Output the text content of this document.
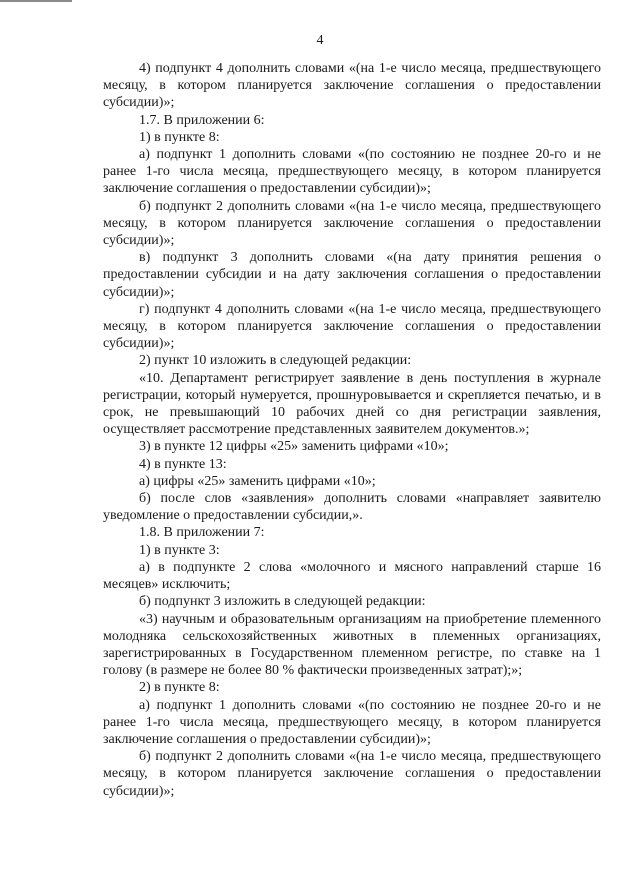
4

4) подпункт 4 дополнить словами «(на 1-е число месяца, предшествующего месяцу, в котором планируется заключение соглашения о предоставлении субсидии)»;

1.7. В приложении 6:

1) в пункте 8:

а) подпункт 1 дополнить словами «(по состоянию не позднее 20-го и не ранее 1-го числа месяца, предшествующего месяцу, в котором планируется заключение соглашения о предоставлении субсидии)»;

б) подпункт 2 дополнить словами «(на 1-е число месяца, предшествующего месяцу, в котором планируется заключение соглашения о предоставлении субсидии)»;

в) подпункт 3 дополнить словами «(на дату принятия решения о предоставлении субсидии и на дату заключения соглашения о предоставлении субсидии)»;

г) подпункт 4 дополнить словами «(на 1-е число месяца, предшествующего месяцу, в котором планируется заключение соглашения о предоставлении субсидии)»;

2) пункт 10 изложить в следующей редакции:

«10. Департамент регистрирует заявление в день поступления в журнале регистрации, который нумеруется, прошнуровывается и скрепляется печатью, и в срок, не превышающий 10 рабочих дней со дня регистрации заявления, осуществляет рассмотрение представленных заявителем документов.»;

3) в пункте 12 цифры «25» заменить цифрами «10»;

4) в пункте 13:

а) цифры «25» заменить цифрами «10»;

б) после слов «заявления» дополнить словами «направляет заявителю уведомление о предоставлении субсидии,».

1.8. В приложении 7:

1) в пункте 3:

а) в подпункте 2 слова «молочного и мясного направлений старше 16 месяцев» исключить;

б) подпункт 3 изложить в следующей редакции:

«3) научным и образовательным организациям на приобретение племенного молодняка сельскохозяйственных животных в племенных организациях, зарегистрированных в Государственном племенном регистре, по ставке на 1 голову (в размере не более 80 % фактически произведенных затрат);»;

2) в пункте 8:

а) подпункт 1 дополнить словами «(по состоянию не позднее 20-го и не ранее 1-го числа месяца, предшествующего месяцу, в котором планируется заключение соглашения о предоставлении субсидии)»;

б) подпункт 2 дополнить словами «(на 1-е число месяца, предшествующего месяцу, в котором планируется заключение соглашения о предоставлении субсидии)»;
